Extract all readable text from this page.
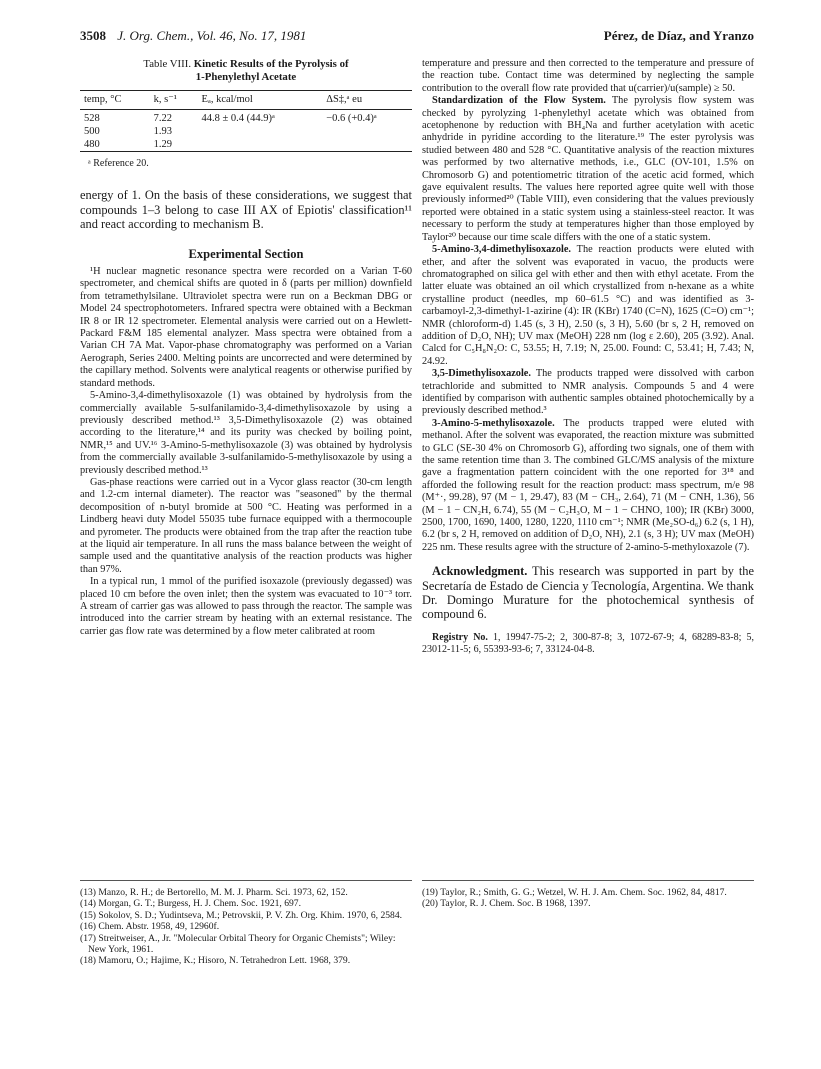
3508 J. Org. Chem., Vol. 46, No. 17, 1981	Pérez, de Díaz, and Yranzo
Table VIII. Kinetic Results of the Pyrolysis of
1-Phenylethyl Acetate
temp, °C	k, s⁻¹	Eₐ, kcal/mol	ΔS‡,ᵃ eu
528	7.22	44.8 ± 0.4 (44.9)ᵃ	−0.6 (+0.4)ᵃ
500	1.93		
480	1.29		
ᵃ Reference 20.

energy of 1. On the basis of these considerations, we suggest that compounds 1–3 belong to case III AX of Epiotis' classification¹¹ and react according to mechanism B.

Experimental Section

¹H nuclear magnetic resonance spectra were recorded on a Varian T-60 spectrometer, and chemical shifts are quoted in δ (parts per million) downfield from tetramethylsilane. Ultraviolet spectra were run on a Beckman DBG or Model 24 spectrophotometers. Infrared spectra were obtained with a Beckman IR 8 or IR 12 spectrometer. Elemental analysis were carried out on a Hewlett-Packard F&M 185 elemental analyzer. Mass spectra were obtained from a Varian CH 7A Mat. Vapor-phase chromatography was performed on a Varian Aerograph, Series 2400. Melting points are uncorrected and were determined by the capillary method. Solvents were analytical reagents or otherwise purified by standard methods.

5-Amino-3,4-dimethylisoxazole (1) was obtained by hydrolysis from the commercially available 5-sulfanilamido-3,4-dimethylisoxazole by using a previously described method.¹³ 3,5-Dimethylisoxazole (2) was obtained according to the literature,¹⁴ and its purity was checked by boiling point, NMR,¹⁵ and UV.¹⁶ 3-Amino-5-methylisoxazole (3) was obtained by hydrolysis from the commercially available 3-sulfanilamido-5-methylisoxazole by using a previously described method.¹³

Gas-phase reactions were carried out in a Vycor glass reactor (30-cm length and 1.2-cm internal diameter). The reactor was "seasoned" by the thermal decomposition of n-butyl bromide at 500 °C. Heating was performed in a Lindberg heavi duty Model 55035 tube furnace equipped with a thermocouple and pyrometer. The products were obtained from the trap after the reaction tube at the liquid air temperature. In all runs the mass balance between the weight of sample used and the quantitative analysis of the reaction products was higher than 97%.

In a typical run, 1 mmol of the purified isoxazole (previously degassed) was placed 10 cm before the oven inlet; then the system was evacuated to 10⁻³ torr. A stream of carrier gas was allowed to pass through the reactor. The sample was introduced into the carrier stream by heating with an external resistance. The carrier gas flow rate was determined by a flow meter calibrated at room

temperature and pressure and then corrected to the temperature and pressure of the reaction tube. Contact time was determined by neglecting the sample contribution to the overall flow rate provided that u(carrier)/u(sample) ≥ 50.

Standardization of the Flow System. The pyrolysis flow system was checked by pyrolyzing 1-phenylethyl acetate which was obtained from acetophenone by reduction with BH₄Na and further acetylation with acetic anhydride in pyridine according to the literature.¹⁹ The ester pyrolysis was studied between 480 and 528 °C. Quantitative analysis of the reaction mixtures was performed by two alternative methods, i.e., GLC (OV-101, 1.5% on Chromosorb G) and potentiometric titration of the acetic acid formed, which gave equivalent results. The values here reported agree quite well with those previously informed²⁰ (Table VIII), even considering that the values previously reported were obtained in a static system using a stainless-steel reactor. It was necessary to perform the study at temperatures higher than those employed by Taylor²⁰ because our time scale differs with the one of a static system.

5-Amino-3,4-dimethylisoxazole. The reaction products were eluted with ether, and after the solvent was evaporated in vacuo, the products were chromatographed on silica gel with ether and then with ethyl acetate. From the latter eluate was obtained an oil which crystallized from n-hexane as a white crystalline product (needles, mp 60–61.5 °C) and was identified as 3-carbamoyl-2,3-dimethyl-1-azirine (4): IR (KBr) 1740 (C=N), 1625 (C=O) cm⁻¹; NMR (chloroform-d) 1.45 (s, 3 H), 2.50 (s, 3 H), 5.60 (br s, 2 H, removed on addition of D₂O, NH); UV max (MeOH) 228 nm (log ε 2.60), 205 (3.92). Anal. Calcd for C₅H₈N₂O: C, 53.55; H, 7.19; N, 25.00. Found: C, 53.41; H, 7.43; N, 24.92.

3,5-Dimethylisoxazole. The products trapped were dissolved with carbon tetrachloride and submitted to NMR analysis. Compounds 5 and 4 were identified by comparison with authentic samples obtained photochemically by a previously described method.³

3-Amino-5-methylisoxazole. The products trapped were eluted with methanol. After the solvent was evaporated, the reaction mixture was submitted to GLC (SE-30 4% on Chromosorb G), affording two signals, one of them with the same retention time than 3. The combined GLC/MS analysis of the mixture gave a fragmentation pattern coincident with the one reported for 3¹⁸ and afforded the following result for the reaction product: mass spectrum, m/e 98 (M⁺·, 99.28), 97 (M − 1, 29.47), 83 (M − CH₃, 2.64), 71 (M − CNH, 1.36), 56 (M − 1 − CN₂H, 6.74), 55 (M − C₂H₃O, M − 1 − CHNO, 100); IR (KBr) 3000, 2500, 1700, 1690, 1400, 1280, 1220, 1110 cm⁻¹; NMR (Me₂SO-d₆) 6.2 (s, 1 H), 6.2 (br s, 2 H, removed on addition of D₂O, NH), 2.1 (s, 3 H); UV max (MeOH) 225 nm. These results agree with the structure of 2-amino-5-methyloxazole (7).

Acknowledgment. This research was supported in part by the Secretaría de Estado de Ciencia y Tecnología, Argentina. We thank Dr. Domingo Murature for the photochemical synthesis of compound 6.

Registry No. 1, 19947-75-2; 2, 300-87-8; 3, 1072-67-9; 4, 68289-83-8; 5, 23012-11-5; 6, 55393-93-6; 7, 33124-04-8.

(13) Manzo, R. H.; de Bertorello, M. M. J. Pharm. Sci. 1973, 62, 152.
(14) Morgan, G. T.; Burgess, H. J. Chem. Soc. 1921, 697.
(15) Sokolov, S. D.; Yudintseva, M.; Petrovskii, P. V. Zh. Org. Khim. 1970, 6, 2584.
(16) Chem. Abstr. 1958, 49, 12960f.
(17) Streitweiser, A., Jr. "Molecular Orbital Theory for Organic Chemists"; Wiley: New York, 1961.
(18) Mamoru, O.; Hajime, K.; Hisoro, N. Tetrahedron Lett. 1968, 379.
(19) Taylor, R.; Smith, G. G.; Wetzel, W. H. J. Am. Chem. Soc. 1962, 84, 4817.
(20) Taylor, R. J. Chem. Soc. B 1968, 1397.
